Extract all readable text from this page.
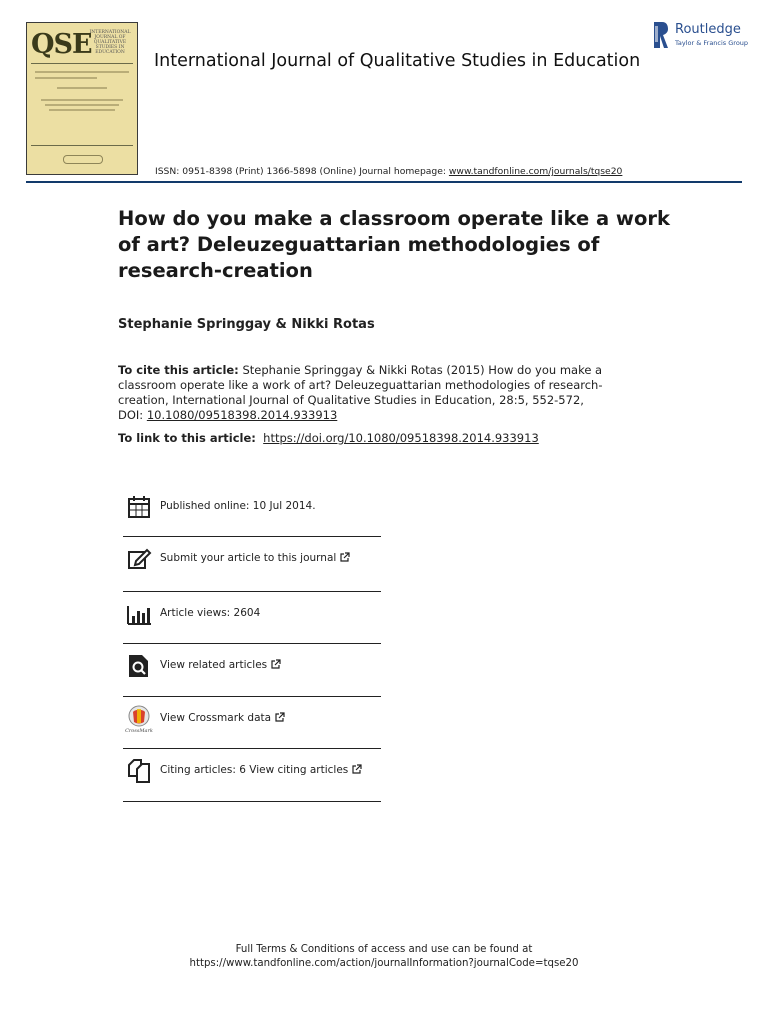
QSE
INTERNATIONAL JOURNAL OF QUALITATIVE STUDIES IN EDUCATION	International Journal of Qualitative Studies in Education
Routledge
Taylor & Francis Group
ISSN: 0951-8398 (Print) 1366-5898 (Online) Journal homepage: www.tandfonline.com/journals/tqse20
How do you make a classroom operate like a work of art? Deleuzeguattarian methodologies of research-creation
Stephanie Springgay & Nikki Rotas
To cite this article: Stephanie Springgay & Nikki Rotas (2015) How do you make a classroom operate like a work of art? Deleuzeguattarian methodologies of research-creation, International Journal of Qualitative Studies in Education, 28:5, 552-572, DOI: 10.1080/09518398.2014.933913
To link to this article: https://doi.org/10.1080/09518398.2014.933913
Published online: 10 Jul 2014.
Submit your article to this journal
Article views: 2604
View related articles
CrossMark
View Crossmark data
Citing articles: 6 View citing articles
Full Terms & Conditions of access and use can be found at
https://www.tandfonline.com/action/journalInformation?journalCode=tqse20
